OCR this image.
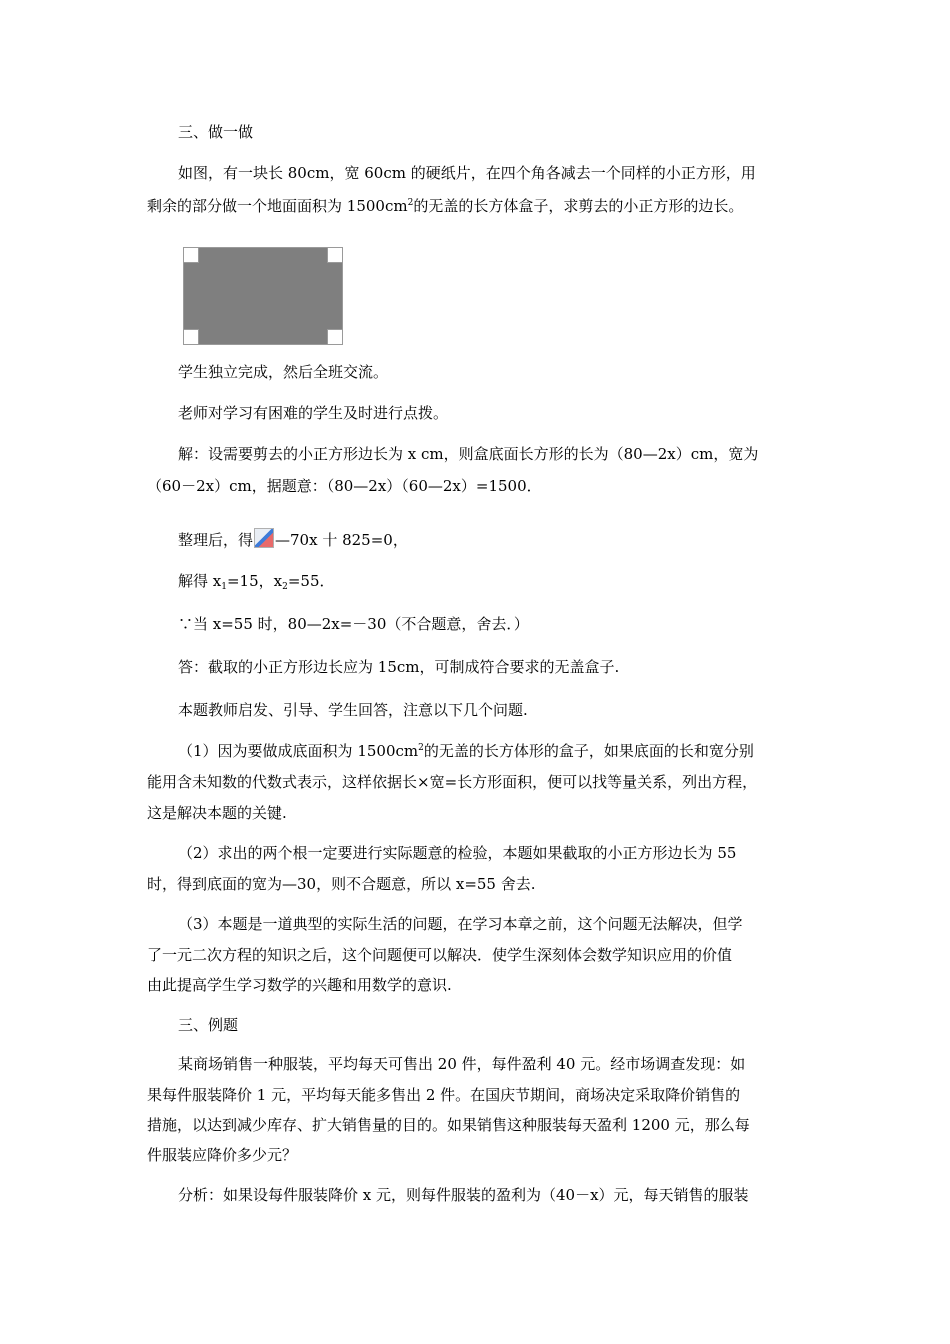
三、做一做
如图，有一块长 80cm，宽 60cm 的硬纸片，在四个角各减去一个同样的小正方形，用
剩余的部分做一个地面面积为 $1500cm^2$的无盖的长方体盒子，求剪去的小正方形的边长。
学生独立完成，然后全班交流。
老师对学习有困难的学生及时进行点拨。
解：设需要剪去的小正方形边长为 x cm，则盒底面长方形的长为（80—2x）cm，宽为
（60－2x）cm，据题意：（80—2x）（60—2x）=1500．
整理后，得 —70x 十 825=0，
解得 $x_1=15$，$x_2=55$．
∵当 x=55 时，80—2x=－30（不合题意，舍去．）
答：截取的小正方形边长应为 15cm，可制成符合要求的无盖盒子.
本题教师启发、引导、学生回答，注意以下几个问题.
（1）因为要做成底面积为 $1500cm^2$的无盖的长方体形的盒子，如果底面的长和宽分别
能用含未知数的代数式表示，这样依据长×宽=长方形面积，便可以找等量关系，列出方程，
这是解决本题的关键.
（2）求出的两个根一定要进行实际题意的检验，本题如果截取的小正方形边长为 55
时，得到底面的宽为—30，则不合题意，所以 x=55 舍去.
（3）本题是一道典型的实际生活的问题，在学习本章之前，这个问题无法解决，但学
了一元二次方程的知识之后，这个问题便可以解决．使学生深刻体会数学知识应用的价值
由此提高学生学习数学的兴趣和用数学的意识.
三、例题
某商场销售一种服装，平均每天可售出 20 件，每件盈利 40 元。经市场调查发现：如
果每件服装降价 1 元，平均每天能多售出 2 件。在国庆节期间，商场决定采取降价销售的
措施，以达到减少库存、扩大销售量的目的。如果销售这种服装每天盈利 1200 元，那么每
件服装应降价多少元？
分析：如果设每件服装降价 x 元，则每件服装的盈利为（40－x）元，每天销售的服装
